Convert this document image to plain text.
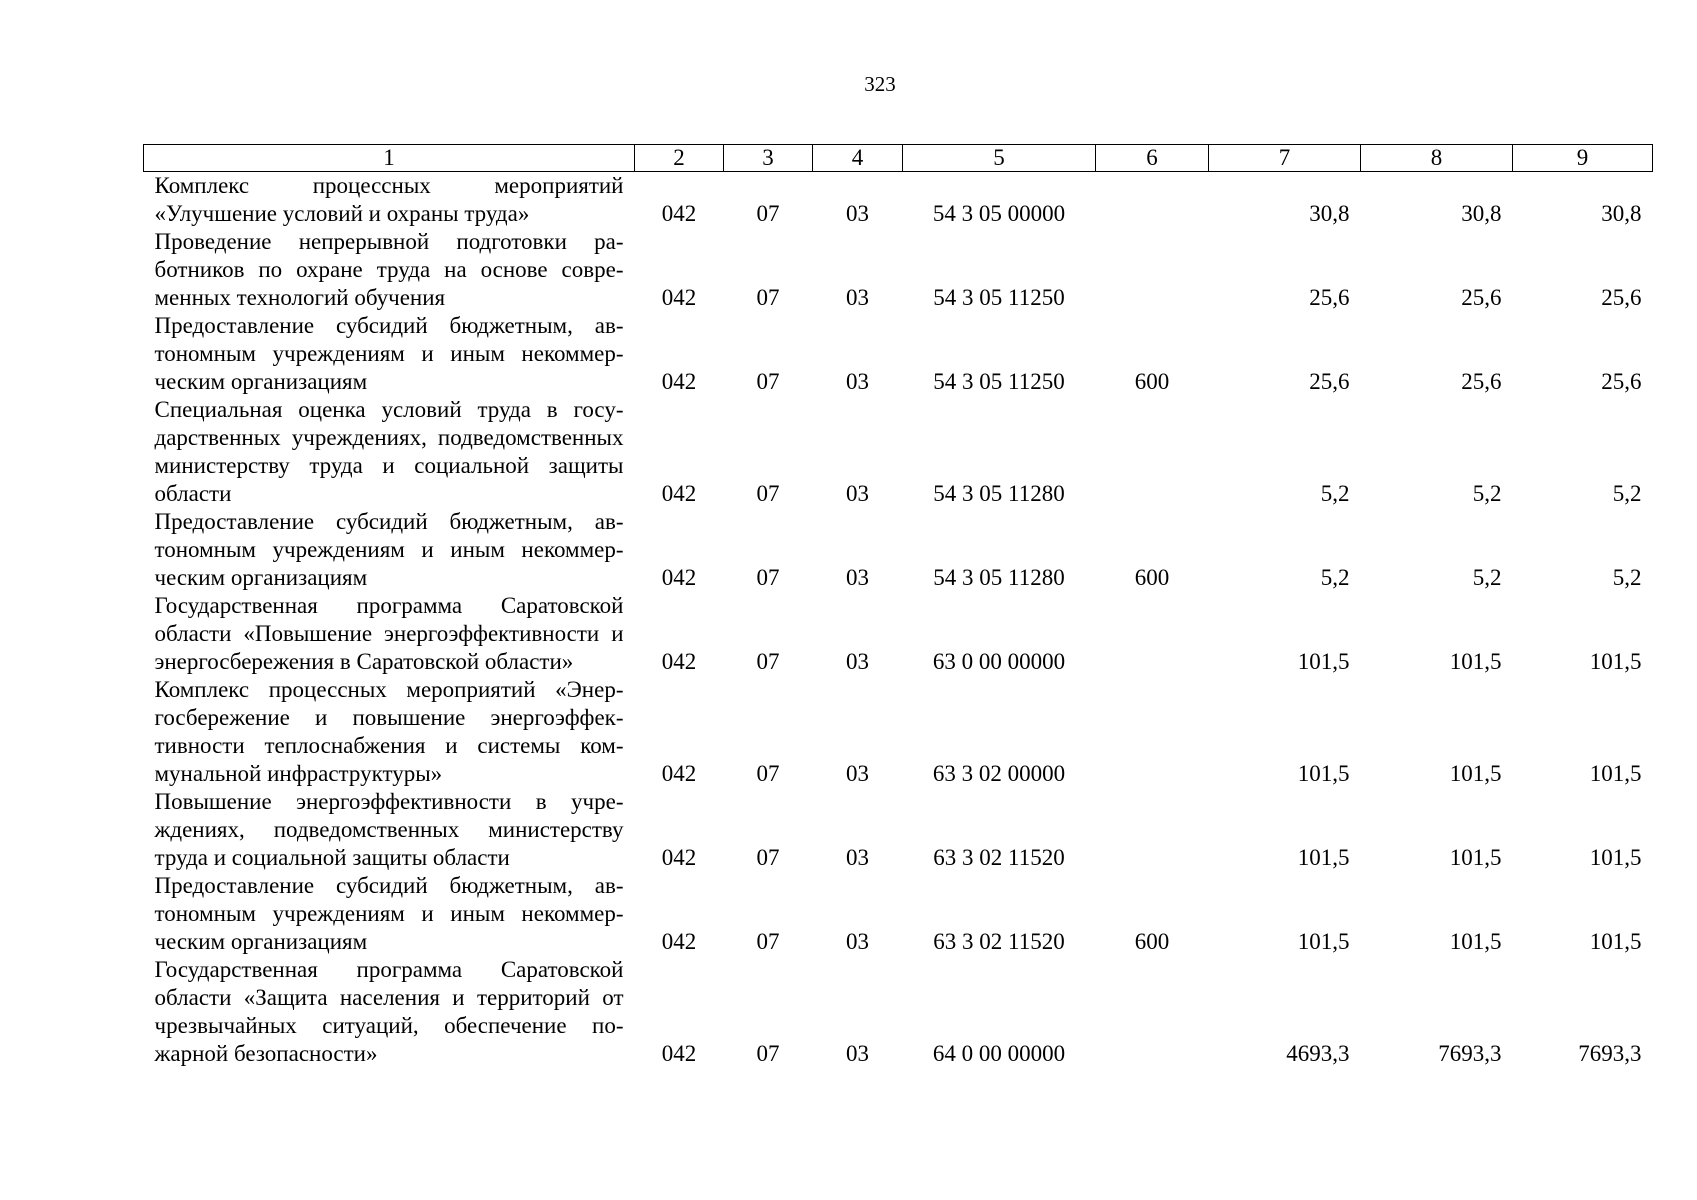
323
1	2	3	4	5	6	7	8	9
Комплекс процессных мероприятий «Улучшение условий и охраны труда»	042	07	03	54 3 05 00000		30,8	30,8	30,8
Проведение непрерывной подготовки работников по охране труда на основе современных технологий обучения	042	07	03	54 3 05 11250		25,6	25,6	25,6
Предоставление субсидий бюджетным, автономным учреждениям и иным некоммерческим организациям	042	07	03	54 3 05 11250	600	25,6	25,6	25,6
Специальная оценка условий труда в государственных учреждениях, подведомственных министерству труда и социальной защиты области	042	07	03	54 3 05 11280		5,2	5,2	5,2
Предоставление субсидий бюджетным, автономным учреждениям и иным некоммерческим организациям	042	07	03	54 3 05 11280	600	5,2	5,2	5,2
Государственная программа Саратовской области «Повышение энергоэффективности и энергосбережения в Саратовской области»	042	07	03	63 0 00 00000		101,5	101,5	101,5
Комплекс процессных мероприятий «Энергосбережение и повышение энергоэффективности теплоснабжения и системы коммунальной инфраструктуры»	042	07	03	63 3 02 00000		101,5	101,5	101,5
Повышение энергоэффективности в учреждениях, подведомственных министерству труда и социальной защиты области	042	07	03	63 3 02 11520		101,5	101,5	101,5
Предоставление субсидий бюджетным, автономным учреждениям и иным некоммерческим организациям	042	07	03	63 3 02 11520	600	101,5	101,5	101,5
Государственная программа Саратовской области «Защита населения и территорий от чрезвычайных ситуаций, обеспечение пожарной безопасности»	042	07	03	64 0 00 00000		4693,3	7693,3	7693,3
